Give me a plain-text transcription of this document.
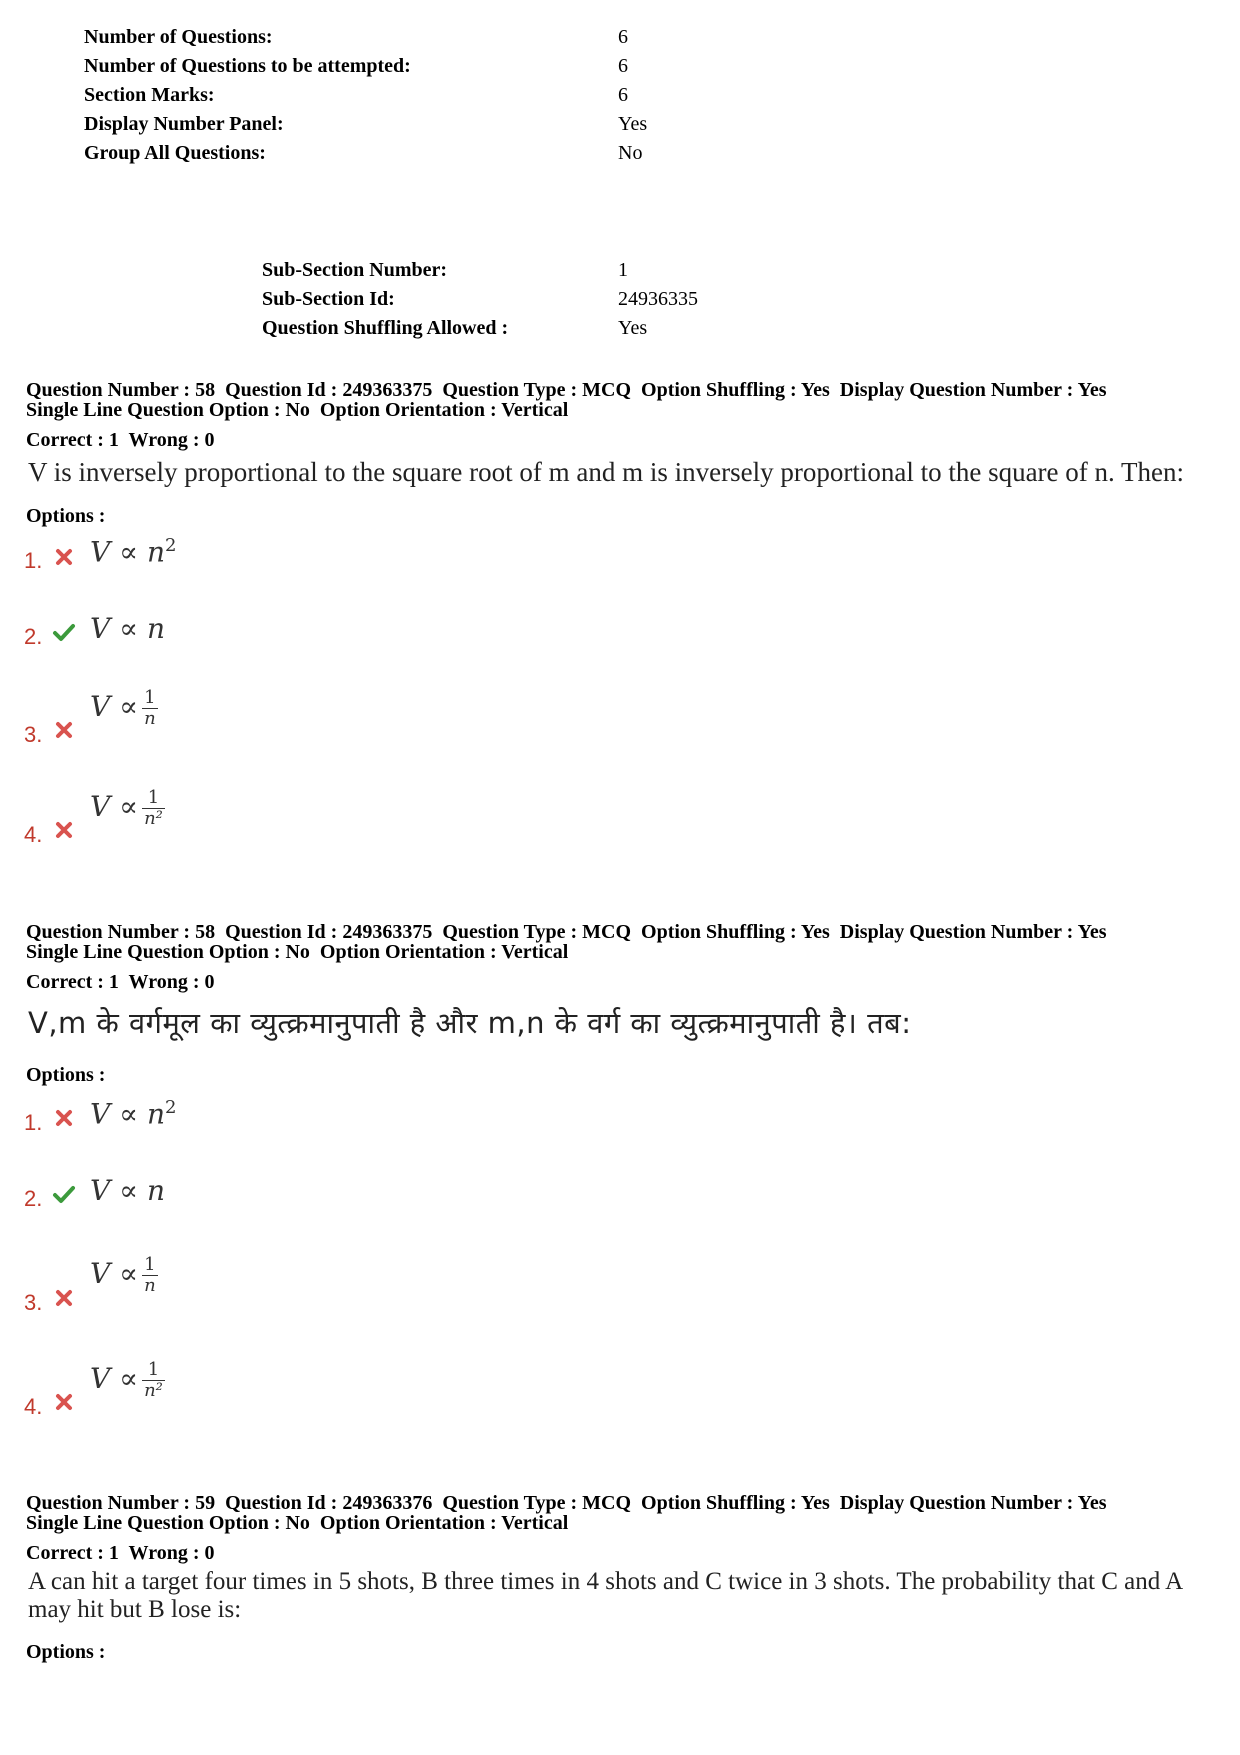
Number of Questions:	6
Number of Questions to be attempted:	6
Section Marks:	6
Display Number Panel:	Yes
Group All Questions:	No
Sub-Section Number:	1
Sub-Section Id:	24936335
Question Shuffling Allowed :	Yes
Question Number : 58  Question Id : 249363375  Question Type : MCQ  Option Shuffling : Yes  Display Question Number : Yes
Single Line Question Option : No  Option Orientation : Vertical
Correct : 1  Wrong : 0
V is inversely proportional to the square root of m and m is inversely proportional to the square of n. Then:
Options :
1. $V \propto n^2$
2. V ∝ n
3.
$V \propto \frac{1}{n}$
4.
$V \propto \frac{1}{\text{n²}}$
Question Number : 58  Question Id : 249363375  Question Type : MCQ  Option Shuffling : Yes  Display Question Number : Yes
Single Line Question Option : No  Option Orientation : Vertical
Correct : 1  Wrong : 0
V,m के वर्गमूल का व्युत्क्रमानुपाती है और m,n के वर्ग का व्युत्क्रमानुपाती है। तब:
Options :
1. $V \propto n^2$
2. V ∝ n
3.
$V \propto \frac{1}{n}$
4.
$V \propto \frac{1}{\text{n²}}$
Question Number : 59  Question Id : 249363376  Question Type : MCQ  Option Shuffling : Yes  Display Question Number : Yes
Single Line Question Option : No  Option Orientation : Vertical
Correct : 1  Wrong : 0
A can hit a target four times in 5 shots, B three times in 4 shots and C twice in 3 shots. The probability that C and A
may hit but B lose is:
Options :
